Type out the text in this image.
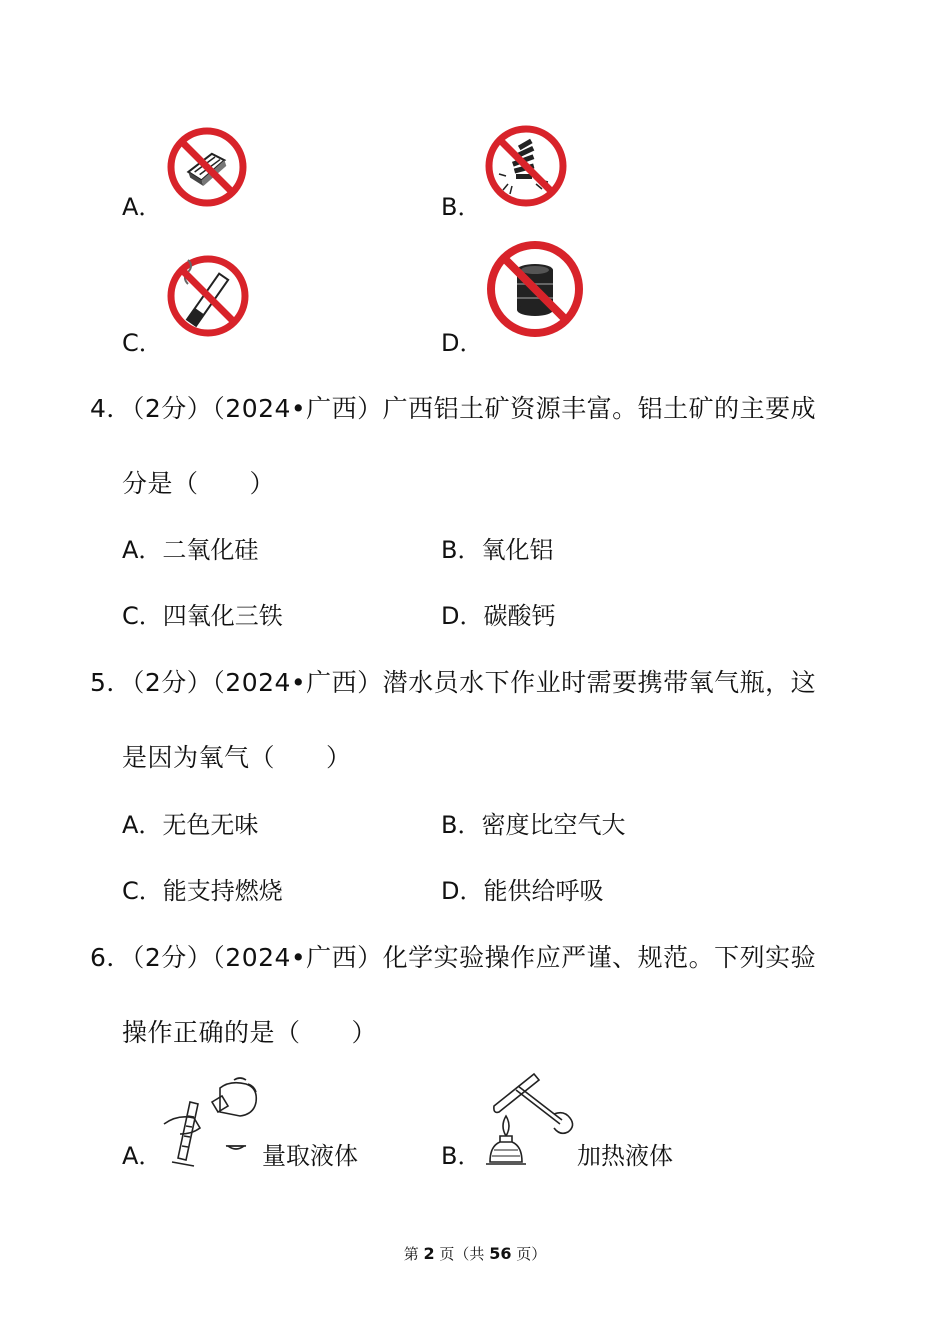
A．	B．
C．	D．
4．（2分）（2024•广西）广西铝土矿资源丰富。铝土矿的主要成
分是（　　）
A．二氧化硅	B．氧化铝
C．四氧化三铁	D．碳酸钙
5．（2分）（2024•广西）潜水员水下作业时需要携带氧气瓶，这
是因为氧气（　　）
A．无色无味	B．密度比空气大
C．能支持燃烧	D．能供给呼吸
6．（2分）（2024•广西）化学实验操作应严谨、规范。下列实验
操作正确的是（　　）
A．	量取液体	B．	加热液体
第 2 页（共 56 页）
